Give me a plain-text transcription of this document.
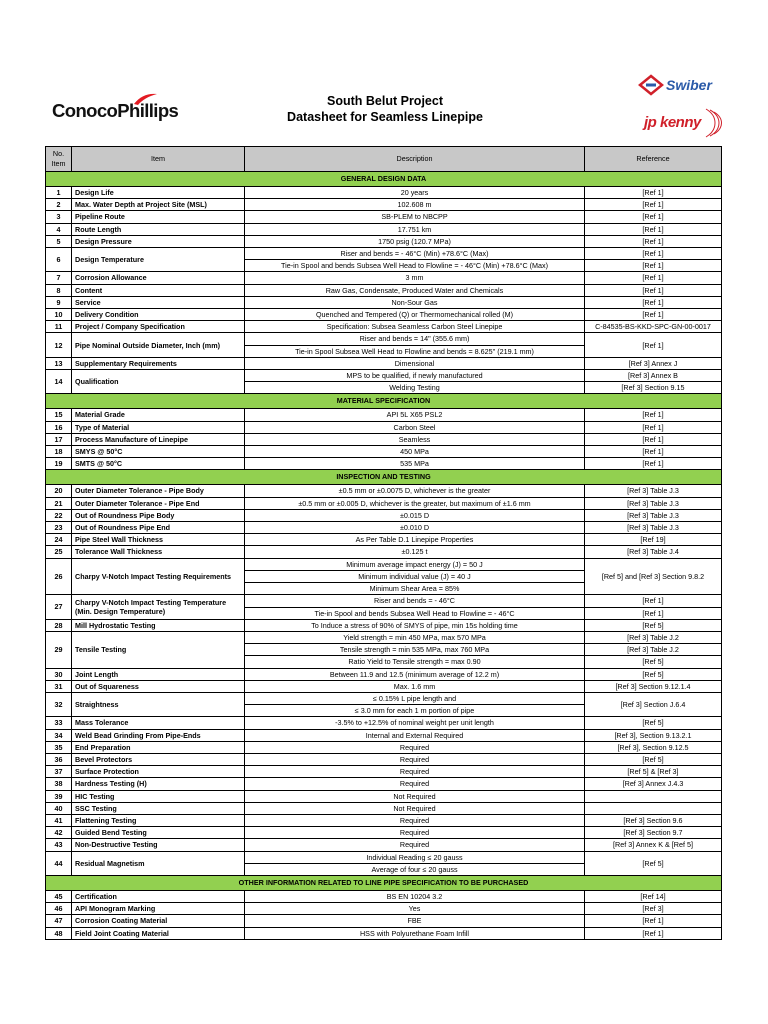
ConocoPhillips	South Belut Project
Datasheet for Seamless Linepipe
Swiber
jp kenny
No. Item	Item	Description	Reference
GENERAL DESIGN DATA			
1	Design Life	20 years	[Ref 1]
2	Max. Water Depth at Project Site (MSL)	102.608 m	[Ref 1]
3	Pipeline Route	SB-PLEM to NBCPP	[Ref 1]
4	Route Length	17.751 km	[Ref 1]
5	Design Pressure	1750 psig (120.7 MPa)	[Ref 1]
6	Design Temperature	Riser and bends = - 46°C (Min) +78.6°C (Max)	[Ref 1]
		Tie-in Spool and bends Subsea Well Head to Flowline = - 46°C (Min) +78.6°C (Max)	[Ref 1]
7	Corrosion Allowance	3 mm	[Ref 1]
8	Content	Raw Gas, Condensate, Produced Water and Chemicals	[Ref 1]
9	Service	Non-Sour Gas	[Ref 1]
10	Delivery Condition	Quenched and Tempered (Q) or Thermomechanical rolled (M)	[Ref 1]
11	Project / Company Specification	Specification: Subsea Seamless Carbon Steel Linepipe	C-84535-BS-KKD-SPC-GN-00-0017
12	Pipe Nominal Outside Diameter, Inch (mm)	Riser and bends = 14" (355.6 mm)	[Ref 1]
		Tie-in Spool Subsea Well Head to Flowline and bends = 8.625" (219.1 mm)	
13	Supplementary Requirements	Dimensional	[Ref 3] Annex J
14	Qualification	MPS to be qualified, if newly manufactured	[Ref 3] Annex B
		Welding Testing	[Ref 3] Section 9.15
MATERIAL SPECIFICATION			
15	Material Grade	API 5L X65 PSL2	[Ref 1]
16	Type of Material	Carbon Steel	[Ref 1]
17	Process Manufacture of Linepipe	Seamless	[Ref 1]
18	SMYS @ 50°C	450 MPa	[Ref 1]
19	SMTS @ 50°C	535 MPa	[Ref 1]
INSPECTION AND TESTING			
20	Outer Diameter Tolerance - Pipe Body	±0.5 mm or ±0.0075 D, whichever is the greater	[Ref 3] Table J.3
21	Outer Diameter Tolerance - Pipe End	±0.5 mm or ±0.005 D, whichever is the greater, but maximum of ±1.6 mm	[Ref 3] Table J.3
22	Out of Roundness Pipe Body	±0.015 D	[Ref 3] Table J.3
23	Out of Roundness Pipe End	±0.010 D	[Ref 3] Table J.3
24	Pipe Steel Wall Thickness	As Per Table D.1 Linepipe Properties	[Ref 19]
25	Tolerance Wall Thickness	±0.125 t	[Ref 3] Table J.4
26	Charpy V-Notch Impact Testing Requirements	Minimum average impact energy (J) = 50 J	[Ref 5] and [Ref 3] Section 9.8.2
		Minimum individual value (J) = 40 J	
		Minimum Shear Area = 85%	
27	Charpy V-Notch Impact Testing Temperature (Min. Design Temperature)	Riser and bends = - 46°C	[Ref 1]
		Tie-in Spool and bends Subsea Well Head to Flowline = - 46°C	[Ref 1]
28	Mill Hydrostatic Testing	To Induce a stress of 90% of SMYS of pipe, min 15s holding time	[Ref 5]
29	Tensile Testing	Yield strength = min 450 MPa, max 570 MPa	[Ref 3] Table J.2
		Tensile strength = min 535 MPa, max 760 MPa	[Ref 3] Table J.2
		Ratio Yield to Tensile strength = max 0.90	[Ref 5]
30	Joint Length	Between 11.9 and 12.5 (minimum average of 12.2 m)	[Ref 5]
31	Out of Squareness	Max. 1.6 mm	[Ref 3] Section 9.12.1.4
32	Straightness	≤ 0.15% L pipe length and	[Ref 3] Section J.6.4
		≤ 3.0 mm for each 1 m portion of pipe	
33	Mass Tolerance	-3.5% to +12.5% of nominal weight per unit length	[Ref 5]
34	Weld Bead Grinding From Pipe-Ends	Internal and External Required	[Ref 3], Section 9.13.2.1
35	End Preparation	Required	[Ref 3], Section 9.12.5
36	Bevel Protectors	Required	[Ref 5]
37	Surface Protection	Required	[Ref 5] & [Ref 3]
38	Hardness Testing (H)	Required	[Ref 3] Annex J.4.3
39	HIC Testing	Not Required	
40	SSC Testing	Not Required	
41	Flattening Testing	Required	[Ref 3] Section 9.6
42	Guided Bend Testing	Required	[Ref 3] Section 9.7
43	Non-Destructive Testing	Required	[Ref 3] Annex K & [Ref 5]
44	Residual Magnetism	Individual Reading ≤ 20 gauss	[Ref 5]
		Average of four ≤ 20 gauss	
OTHER INFORMATION RELATED TO LINE PIPE SPECIFICATION TO BE PURCHASED			
45	Certification	BS EN 10204 3.2	[Ref 14]
46	API Monogram Marking	Yes	[Ref 3]
47	Corrosion Coating Material	FBE	[Ref 1]
48	Field Joint Coating Material	HSS with Polyurethane Foam Infill	[Ref 1]
